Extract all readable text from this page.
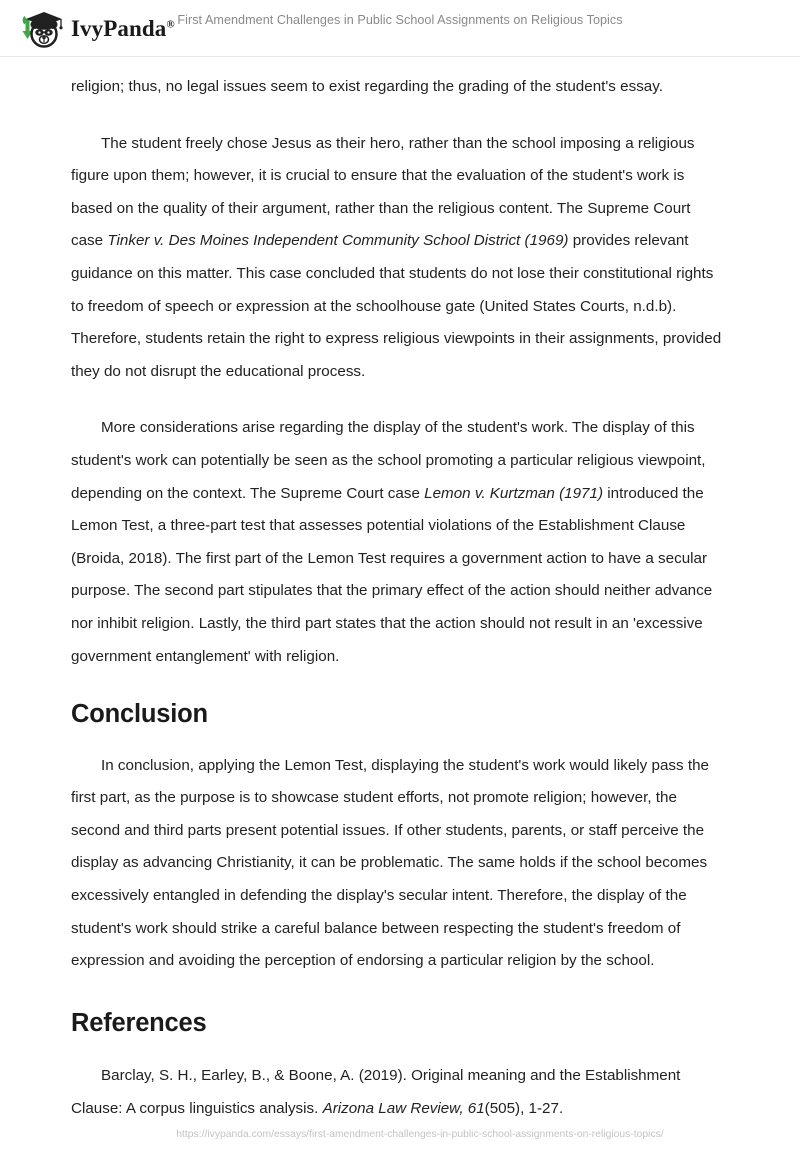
IvyPanda® First Amendment Challenges in Public School Assignments on Religious Topics

religion; thus, no legal issues seem to exist regarding the grading of the student's essay.

The student freely chose Jesus as their hero, rather than the school imposing a religious figure upon them; however, it is crucial to ensure that the evaluation of the student's work is based on the quality of their argument, rather than the religious content. The Supreme Court case Tinker v. Des Moines Independent Community School District (1969) provides relevant guidance on this matter. This case concluded that students do not lose their constitutional rights to freedom of speech or expression at the schoolhouse gate (United States Courts, n.d.b). Therefore, students retain the right to express religious viewpoints in their assignments, provided they do not disrupt the educational process.

More considerations arise regarding the display of the student's work. The display of this student's work can potentially be seen as the school promoting a particular religious viewpoint, depending on the context. The Supreme Court case Lemon v. Kurtzman (1971) introduced the Lemon Test, a three-part test that assesses potential violations of the Establishment Clause (Broida, 2018). The first part of the Lemon Test requires a government action to have a secular purpose. The second part stipulates that the primary effect of the action should neither advance nor inhibit religion. Lastly, the third part states that the action should not result in an 'excessive government entanglement' with religion.

Conclusion

In conclusion, applying the Lemon Test, displaying the student's work would likely pass the first part, as the purpose is to showcase student efforts, not promote religion; however, the second and third parts present potential issues. If other students, parents, or staff perceive the display as advancing Christianity, it can be problematic. The same holds if the school becomes excessively entangled in defending the display's secular intent. Therefore, the display of the student's work should strike a careful balance between respecting the student's freedom of expression and avoiding the perception of endorsing a particular religion by the school.

References

Barclay, S. H., Earley, B., & Boone, A. (2019). Original meaning and the Establishment Clause: A corpus linguistics analysis. Arizona Law Review, 61(505), 1-27.

https://ivypanda.com/essays/first-amendment-challenges-in-public-school-assignments-on-religious-topics/
